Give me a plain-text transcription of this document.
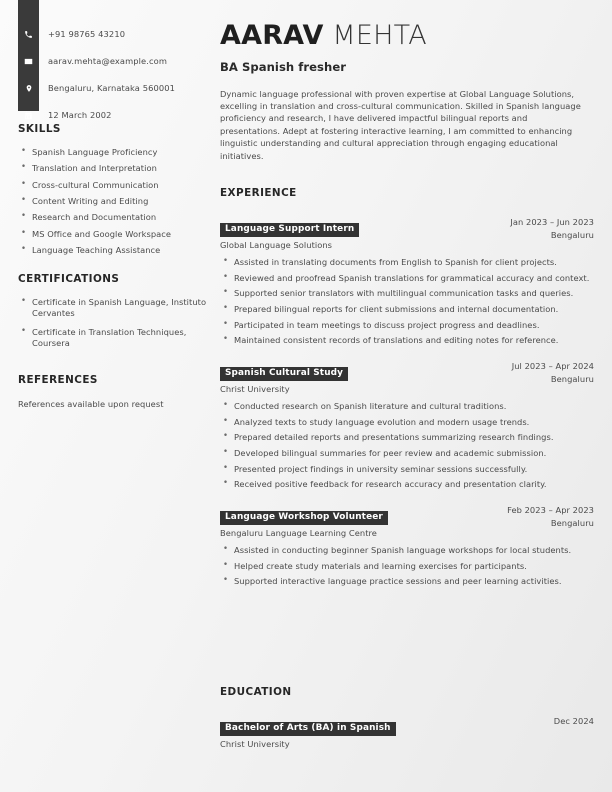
+91 98765 43210
aarav.mehta@example.com
Bengaluru, Karnataka 560001
12 March 2002
SKILLS
• Spanish Language Proficiency
• Translation and Interpretation
• Cross-cultural Communication
• Content Writing and Editing
• Research and Documentation
• MS Office and Google Workspace
• Language Teaching Assistance
CERTIFICATIONS
• Certificate in Spanish Language, Instituto Cervantes
• Certificate in Translation Techniques, Coursera
REFERENCES
References available upon request
AARAV MEHTA
BA Spanish fresher
Dynamic language professional with proven expertise at Global Language Solutions, excelling in translation and cross-cultural communication. Skilled in Spanish language proficiency and research, I have delivered impactful bilingual reports and presentations. Adept at fostering interactive learning, I am committed to enhancing linguistic understanding and cultural appreciation through engaging educational initiatives.
EXPERIENCE
Language Support Intern
Global Language Solutions
Jan 2023 – Jun 2023
Bengaluru
• Assisted in translating documents from English to Spanish for client projects.
• Reviewed and proofread Spanish translations for grammatical accuracy and context.
• Supported senior translators with multilingual communication tasks and queries.
• Prepared bilingual reports for client submissions and internal documentation.
• Participated in team meetings to discuss project progress and deadlines.
• Maintained consistent records of translations and editing notes for reference.
Spanish Cultural Study
Christ University
Jul 2023 – Apr 2024
Bengaluru
• Conducted research on Spanish literature and cultural traditions.
• Analyzed texts to study language evolution and modern usage trends.
• Prepared detailed reports and presentations summarizing research findings.
• Developed bilingual summaries for peer review and academic submission.
• Presented project findings in university seminar sessions successfully.
• Received positive feedback for research accuracy and presentation clarity.
Language Workshop Volunteer
Bengaluru Language Learning Centre
Feb 2023 – Apr 2023
Bengaluru
• Assisted in conducting beginner Spanish language workshops for local students.
• Helped create study materials and learning exercises for participants.
• Supported interactive language practice sessions and peer learning activities.
EDUCATION
Bachelor of Arts (BA) in Spanish
Christ University
Dec 2024
